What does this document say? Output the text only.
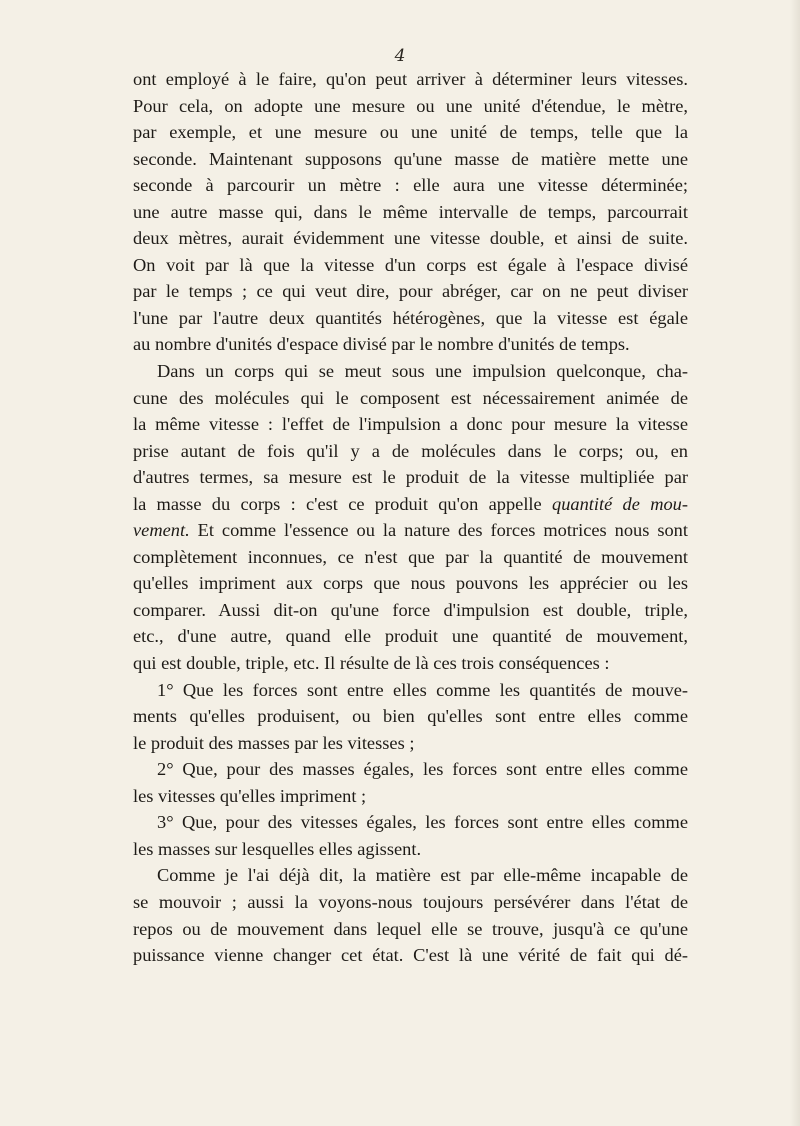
4
ont employé à le faire, qu'on peut arriver à déterminer leurs vitesses.
Pour cela, on adopte une mesure ou une unité d'étendue, le mètre,
par exemple, et une mesure ou une unité de temps, telle que la
seconde. Maintenant supposons qu'une masse de matière mette une
seconde à parcourir un mètre : elle aura une vitesse déterminée;
une autre masse qui, dans le même intervalle de temps, parcourrait
deux mètres, aurait évidemment une vitesse double, et ainsi de suite.
On voit par là que la vitesse d'un corps est égale à l'espace divisé
par le temps ; ce qui veut dire, pour abréger, car on ne peut diviser
l'une par l'autre deux quantités hétérogènes, que la vitesse est égale
au nombre d'unités d'espace divisé par le nombre d'unités de temps.
Dans un corps qui se meut sous une impulsion quelconque, cha-
cune des molécules qui le composent est nécessairement animée de
la même vitesse : l'effet de l'impulsion a donc pour mesure la vitesse
prise autant de fois qu'il y a de molécules dans le corps; ou, en
d'autres termes, sa mesure est le produit de la vitesse multipliée par
la masse du corps : c'est ce produit qu'on appelle quantité de mou-
vement. Et comme l'essence ou la nature des forces motrices nous sont
complètement inconnues, ce n'est que par la quantité de mouvement
qu'elles impriment aux corps que nous pouvons les apprécier ou les
comparer. Aussi dit-on qu'une force d'impulsion est double, triple,
etc., d'une autre, quand elle produit une quantité de mouvement,
qui est double, triple, etc. Il résulte de là ces trois conséquences :
1° Que les forces sont entre elles comme les quantités de mouve-
ments qu'elles produisent, ou bien qu'elles sont entre elles comme
le produit des masses par les vitesses ;
2° Que, pour des masses égales, les forces sont entre elles comme
les vitesses qu'elles impriment ;
3° Que, pour des vitesses égales, les forces sont entre elles comme
les masses sur lesquelles elles agissent.
Comme je l'ai déjà dit, la matière est par elle-même incapable de
se mouvoir ; aussi la voyons-nous toujours persévérer dans l'état de
repos ou de mouvement dans lequel elle se trouve, jusqu'à ce qu'une
puissance vienne changer cet état. C'est là une vérité de fait qui dé-
